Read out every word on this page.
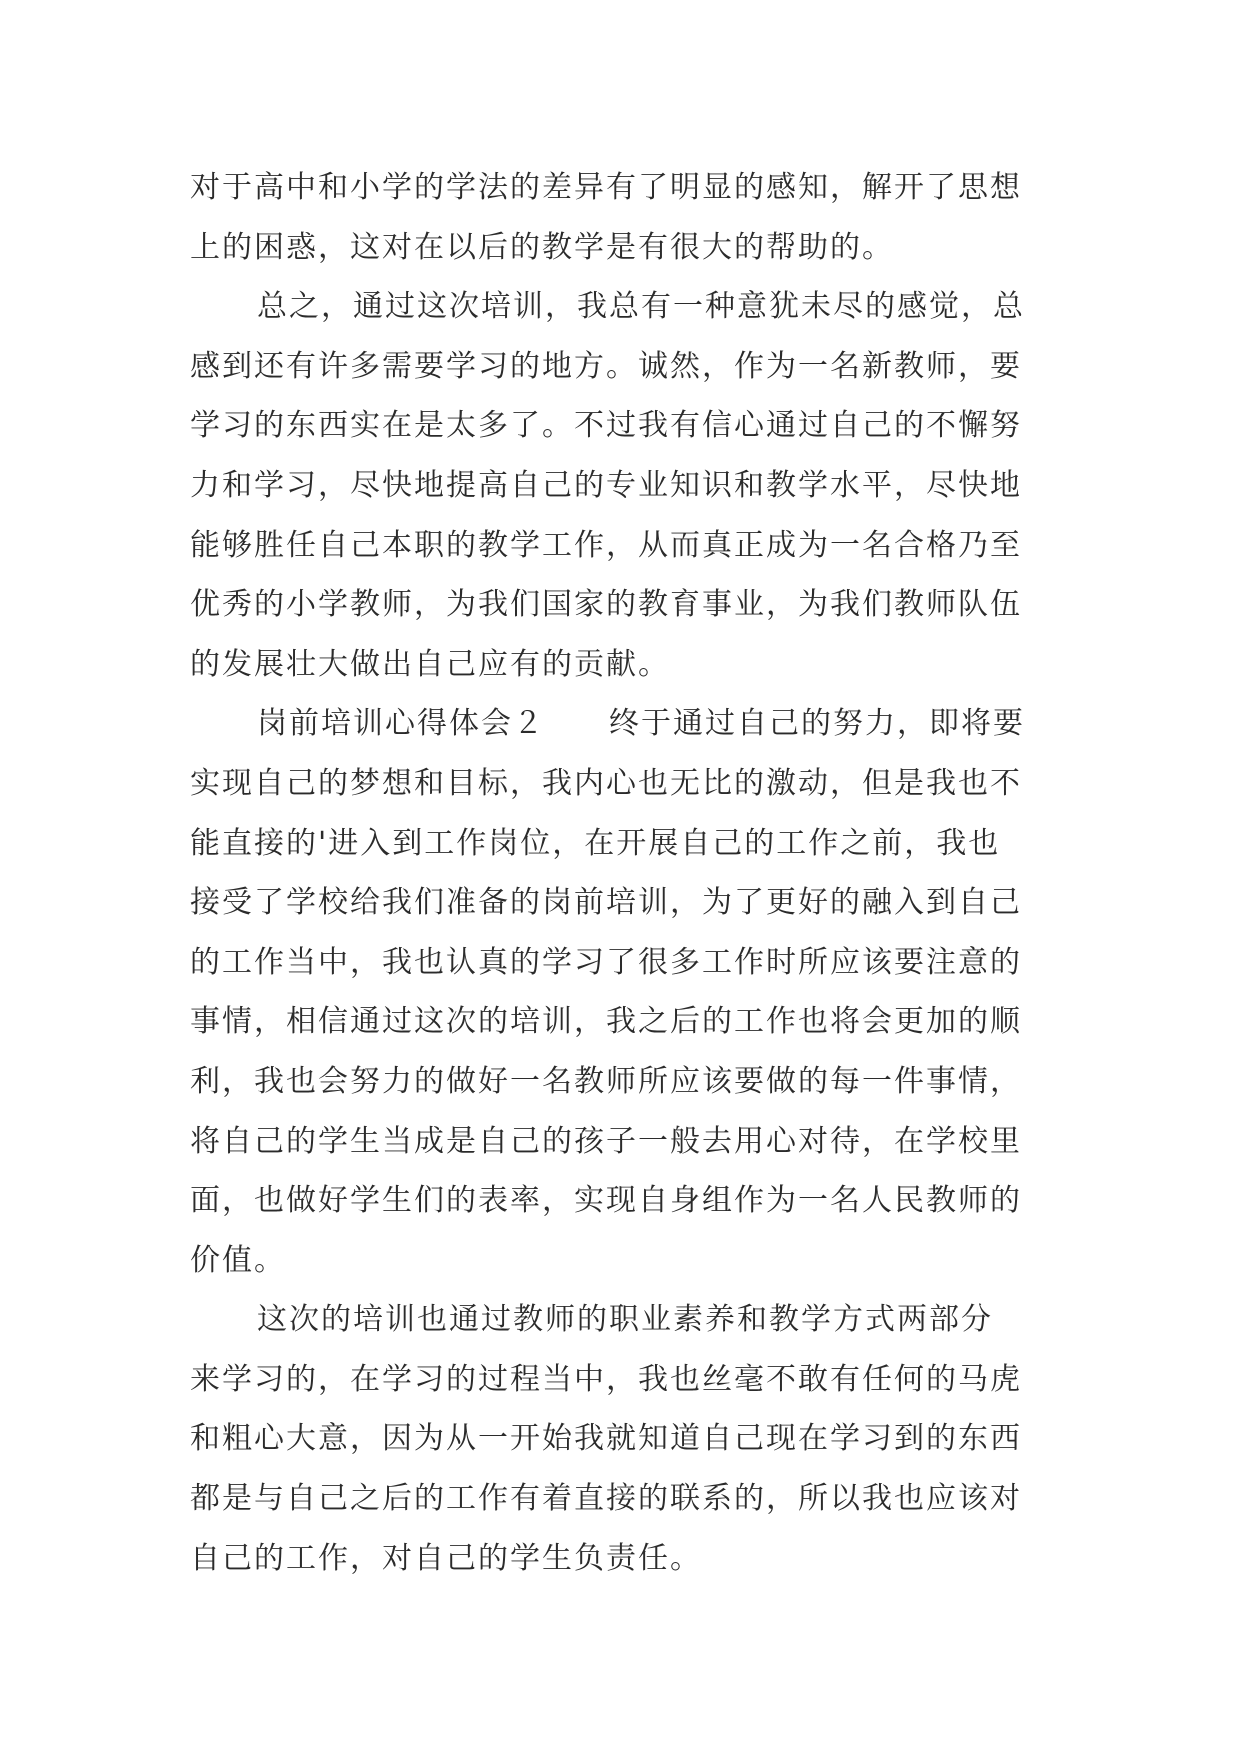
对于高中和小学的学法的差异有了明显的感知，解开了思想
上的困惑，这对在以后的教学是有很大的帮助的。
总之，通过这次培训，我总有一种意犹未尽的感觉，总
感到还有许多需要学习的地方。诚然，作为一名新教师，要
学习的东西实在是太多了。不过我有信心通过自己的不懈努
力和学习，尽快地提高自己的专业知识和教学水平，尽快地
能够胜任自己本职的教学工作，从而真正成为一名合格乃至
优秀的小学教师，为我们国家的教育事业，为我们教师队伍
的发展壮大做出自己应有的贡献。
岗前培训心得体会２　　终于通过自己的努力，即将要
实现自己的梦想和目标，我内心也无比的激动，但是我也不
能直接的'进入到工作岗位，在开展自己的工作之前，我也
接受了学校给我们准备的岗前培训，为了更好的融入到自己
的工作当中，我也认真的学习了很多工作时所应该要注意的
事情，相信通过这次的培训，我之后的工作也将会更加的顺
利，我也会努力的做好一名教师所应该要做的每一件事情，
将自己的学生当成是自己的孩子一般去用心对待，在学校里
面，也做好学生们的表率，实现自身组作为一名人民教师的
价值。
这次的培训也通过教师的职业素养和教学方式两部分
来学习的，在学习的过程当中，我也丝毫不敢有任何的马虎
和粗心大意，因为从一开始我就知道自己现在学习到的东西
都是与自己之后的工作有着直接的联系的，所以我也应该对
自己的工作，对自己的学生负责任。
